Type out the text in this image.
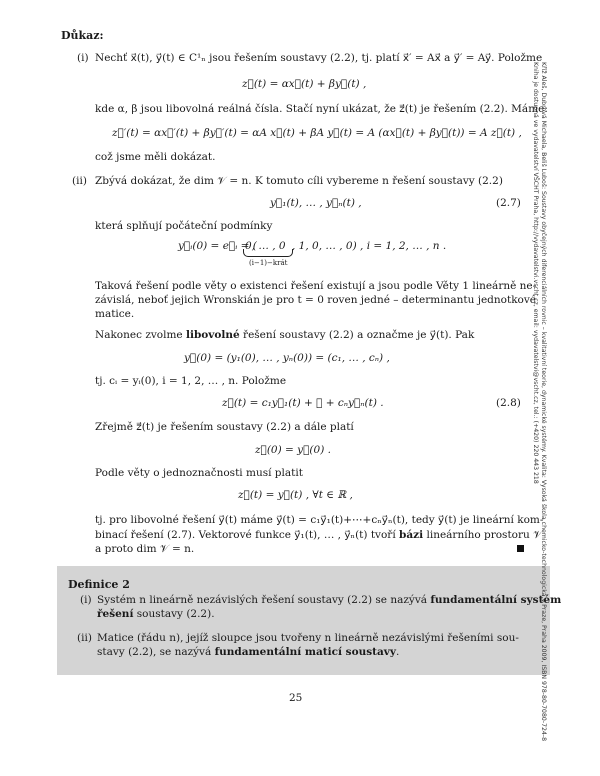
Důkaz:
(i) Nechť x⃗(t), y⃗(t) ∈ C¹ₙ jsou řešením soustavy (2.2), tj. platí x⃗′ = Ax⃗ a y⃗′ = Ay⃗. Položme
z⃗(t) = αx⃗(t) + βy⃗(t) ,
kde α, β jsou libovolná reálná čísla. Stačí nyní ukázat, že z⃗(t) je řešením (2.2). Máme:
z⃗′(t) = αx⃗′(t) + βy⃗′(t) = αA x⃗(t) + βA y⃗(t) = A (αx⃗(t) + βy⃗(t)) = A z⃗(t) ,
což jsme měli dokázat.
(ii) Zbývá dokázat, že dim 𝒱 = n. K tomuto cíli vybereme n řešení soustavy (2.2)
y⃗₁(t), … , y⃗ₙ(t) ,	(2.7)
která splňují počáteční podmínky
y⃗ᵢ(0) = e⃗ᵢ = (
0, … , 0 , 1, 0, … , 0) , i = 1, 2, … , n .
(i−1)−krát
Taková řešení podle věty o existenci řešení existují a jsou podle Věty 1 lineárně ne-
závislá, neboť jejich Wronskián je pro t = 0 roven jedné – determinantu jednotkové
matice.
Nakonec zvolme libovolné řešení soustavy (2.2) a označme je y⃗(t). Pak
y⃗(0) = (y₁(0), … , yₙ(0)) = (c₁, … , cₙ) ,
tj. cᵢ = yᵢ(0), i = 1, 2, … , n. Položme
z⃗(t) = c₁y⃗₁(t) + ⋯ + cₙy⃗ₙ(t) .	(2.8)
Zřejmě z⃗(t) je řešením soustavy (2.2) a dále platí
z⃗(0) = y⃗(0) .
Podle věty o jednoznačnosti musí platit
z⃗(t) = y⃗(t) , ∀t ∈ ℝ ,
tj. pro libovolné řešení y⃗(t) máme y⃗(t) = c₁y⃗₁(t)+⋯+cₙy⃗ₙ(t), tedy y⃗(t) je lineární kom-
binací řešení (2.7). Vektorové funkce y⃗₁(t), … , y⃗ₙ(t) tvoří bázi lineárního prostoru 𝒱
a proto dim 𝒱 = n.
Definice 2
(i) Systém n lineárně nezávislých řešení soustavy (2.2) se nazývá fundamentální systém
řešení soustavy (2.2).
(ii) Matice (řádu n), jejíž sloupce jsou tvořeny n lineárně nezávislými řešeními sou-
stavy (2.2), se nazývá fundamentální maticí soustavy.
25	Kříž Aleš, Dubrová Michaela, Beliš Luboš: Soustavy obyčejných diferenciálních rovnic – kvalitativní teorie, dynamické systémy. Kvalita: Vysoká škola chemicko-technologická v Praze, Praha 2009, ISBN 978-80-7080-724-8
Kniha je dostupná ve vydavatelství VŠCHT Praha, http://vydavatelstvi.vscht.cz, email: vydavatelstvi@vscht.cz, tel.: (+420) 220 443 218
